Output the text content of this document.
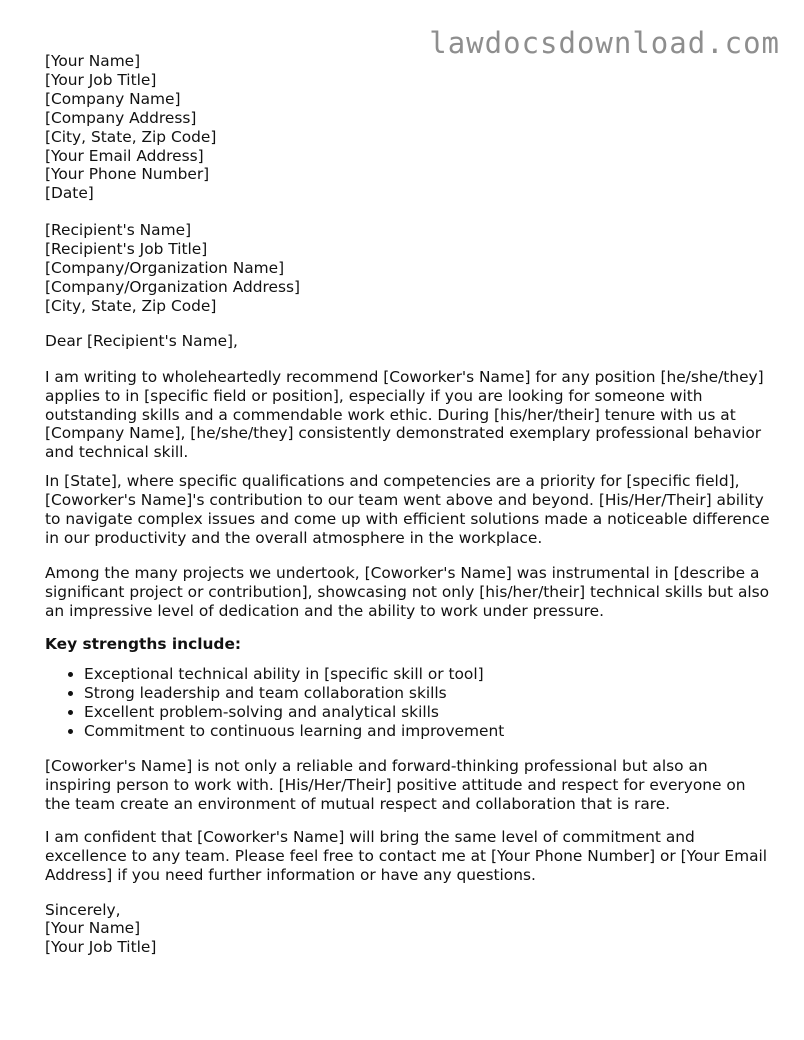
lawdocsdownload.com
[Your Name]
[Your Job Title]
[Company Name]
[Company Address]
[City, State, Zip Code]
[Your Email Address]
[Your Phone Number]
[Date]
[Recipient's Name]
[Recipient's Job Title]
[Company/Organization Name]
[Company/Organization Address]
[City, State, Zip Code]

Dear [Recipient's Name],

I am writing to wholeheartedly recommend [Coworker's Name] for any position [he/she/they] applies to in [specific field or position], especially if you are looking for someone with outstanding skills and a commendable work ethic. During [his/her/their] tenure with us at [Company Name], [he/she/they] consistently demonstrated exemplary professional behavior and technical skill.

In [State], where specific qualifications and competencies are a priority for [specific field], [Coworker's Name]'s contribution to our team went above and beyond. [His/Her/Their] ability to navigate complex issues and come up with efficient solutions made a noticeable difference in our productivity and the overall atmosphere in the workplace.

Among the many projects we undertook, [Coworker's Name] was instrumental in [describe a significant project or contribution], showcasing not only [his/her/their] technical skills but also an impressive level of dedication and the ability to work under pressure.

Key strengths include:

• Exceptional technical ability in [specific skill or tool]
• Strong leadership and team collaboration skills
• Excellent problem-solving and analytical skills
• Commitment to continuous learning and improvement

[Coworker's Name] is not only a reliable and forward-thinking professional but also an inspiring person to work with. [His/Her/Their] positive attitude and respect for everyone on the team create an environment of mutual respect and collaboration that is rare.

I am confident that [Coworker's Name] will bring the same level of commitment and excellence to any team. Please feel free to contact me at [Your Phone Number] or [Your Email Address] if you need further information or have any questions.

Sincerely,
[Your Name]
[Your Job Title]
